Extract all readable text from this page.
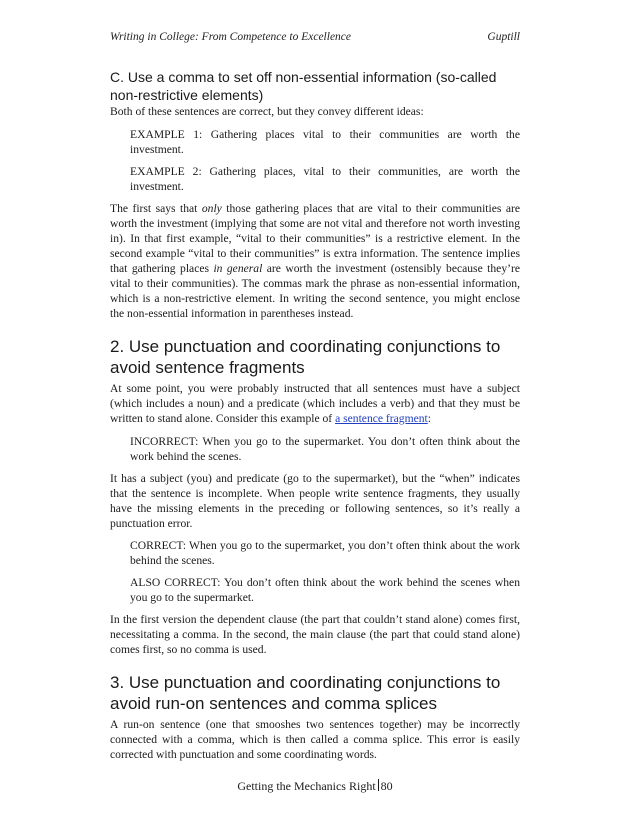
Writing in College: From Competence to Excellence	Guptill
C. Use a comma to set off non-essential information (so-called non-restrictive elements)

Both of these sentences are correct, but they convey different ideas:

EXAMPLE 1: Gathering places vital to their communities are worth the investment.

EXAMPLE 2: Gathering places, vital to their communities, are worth the investment.

The first says that only those gathering places that are vital to their communities are worth the investment (implying that some are not vital and therefore not worth investing in). In that first example, “vital to their communities” is a restrictive element. In the second example “vital to their communities” is extra information. The sentence implies that gathering places in general are worth the investment (ostensibly because they’re vital to their communities). The commas mark the phrase as non-essential information, which is a non-restrictive element. In writing the second sentence, you might enclose the non-essential information in parentheses instead.

2. Use punctuation and coordinating conjunctions to avoid sentence fragments

At some point, you were probably instructed that all sentences must have a subject (which includes a noun) and a predicate (which includes a verb) and that they must be written to stand alone. Consider this example of a sentence fragment:

INCORRECT: When you go to the supermarket. You don’t often think about the work behind the scenes.

It has a subject (you) and predicate (go to the supermarket), but the “when” indicates that the sentence is incomplete. When people write sentence fragments, they usually have the missing elements in the preceding or following sentences, so it’s really a punctuation error.

CORRECT: When you go to the supermarket, you don’t often think about the work behind the scenes.

ALSO CORRECT: You don’t often think about the work behind the scenes when you go to the supermarket.

In the first version the dependent clause (the part that couldn’t stand alone) comes first, necessitating a comma. In the second, the main clause (the part that could stand alone) comes first, so no comma is used.

3. Use punctuation and coordinating conjunctions to avoid run-on sentences and comma splices

A run-on sentence (one that smooshes two sentences together) may be incorrectly connected with a comma, which is then called a comma splice. This error is easily corrected with punctuation and some coordinating words.

Getting the Mechanics Right 80
